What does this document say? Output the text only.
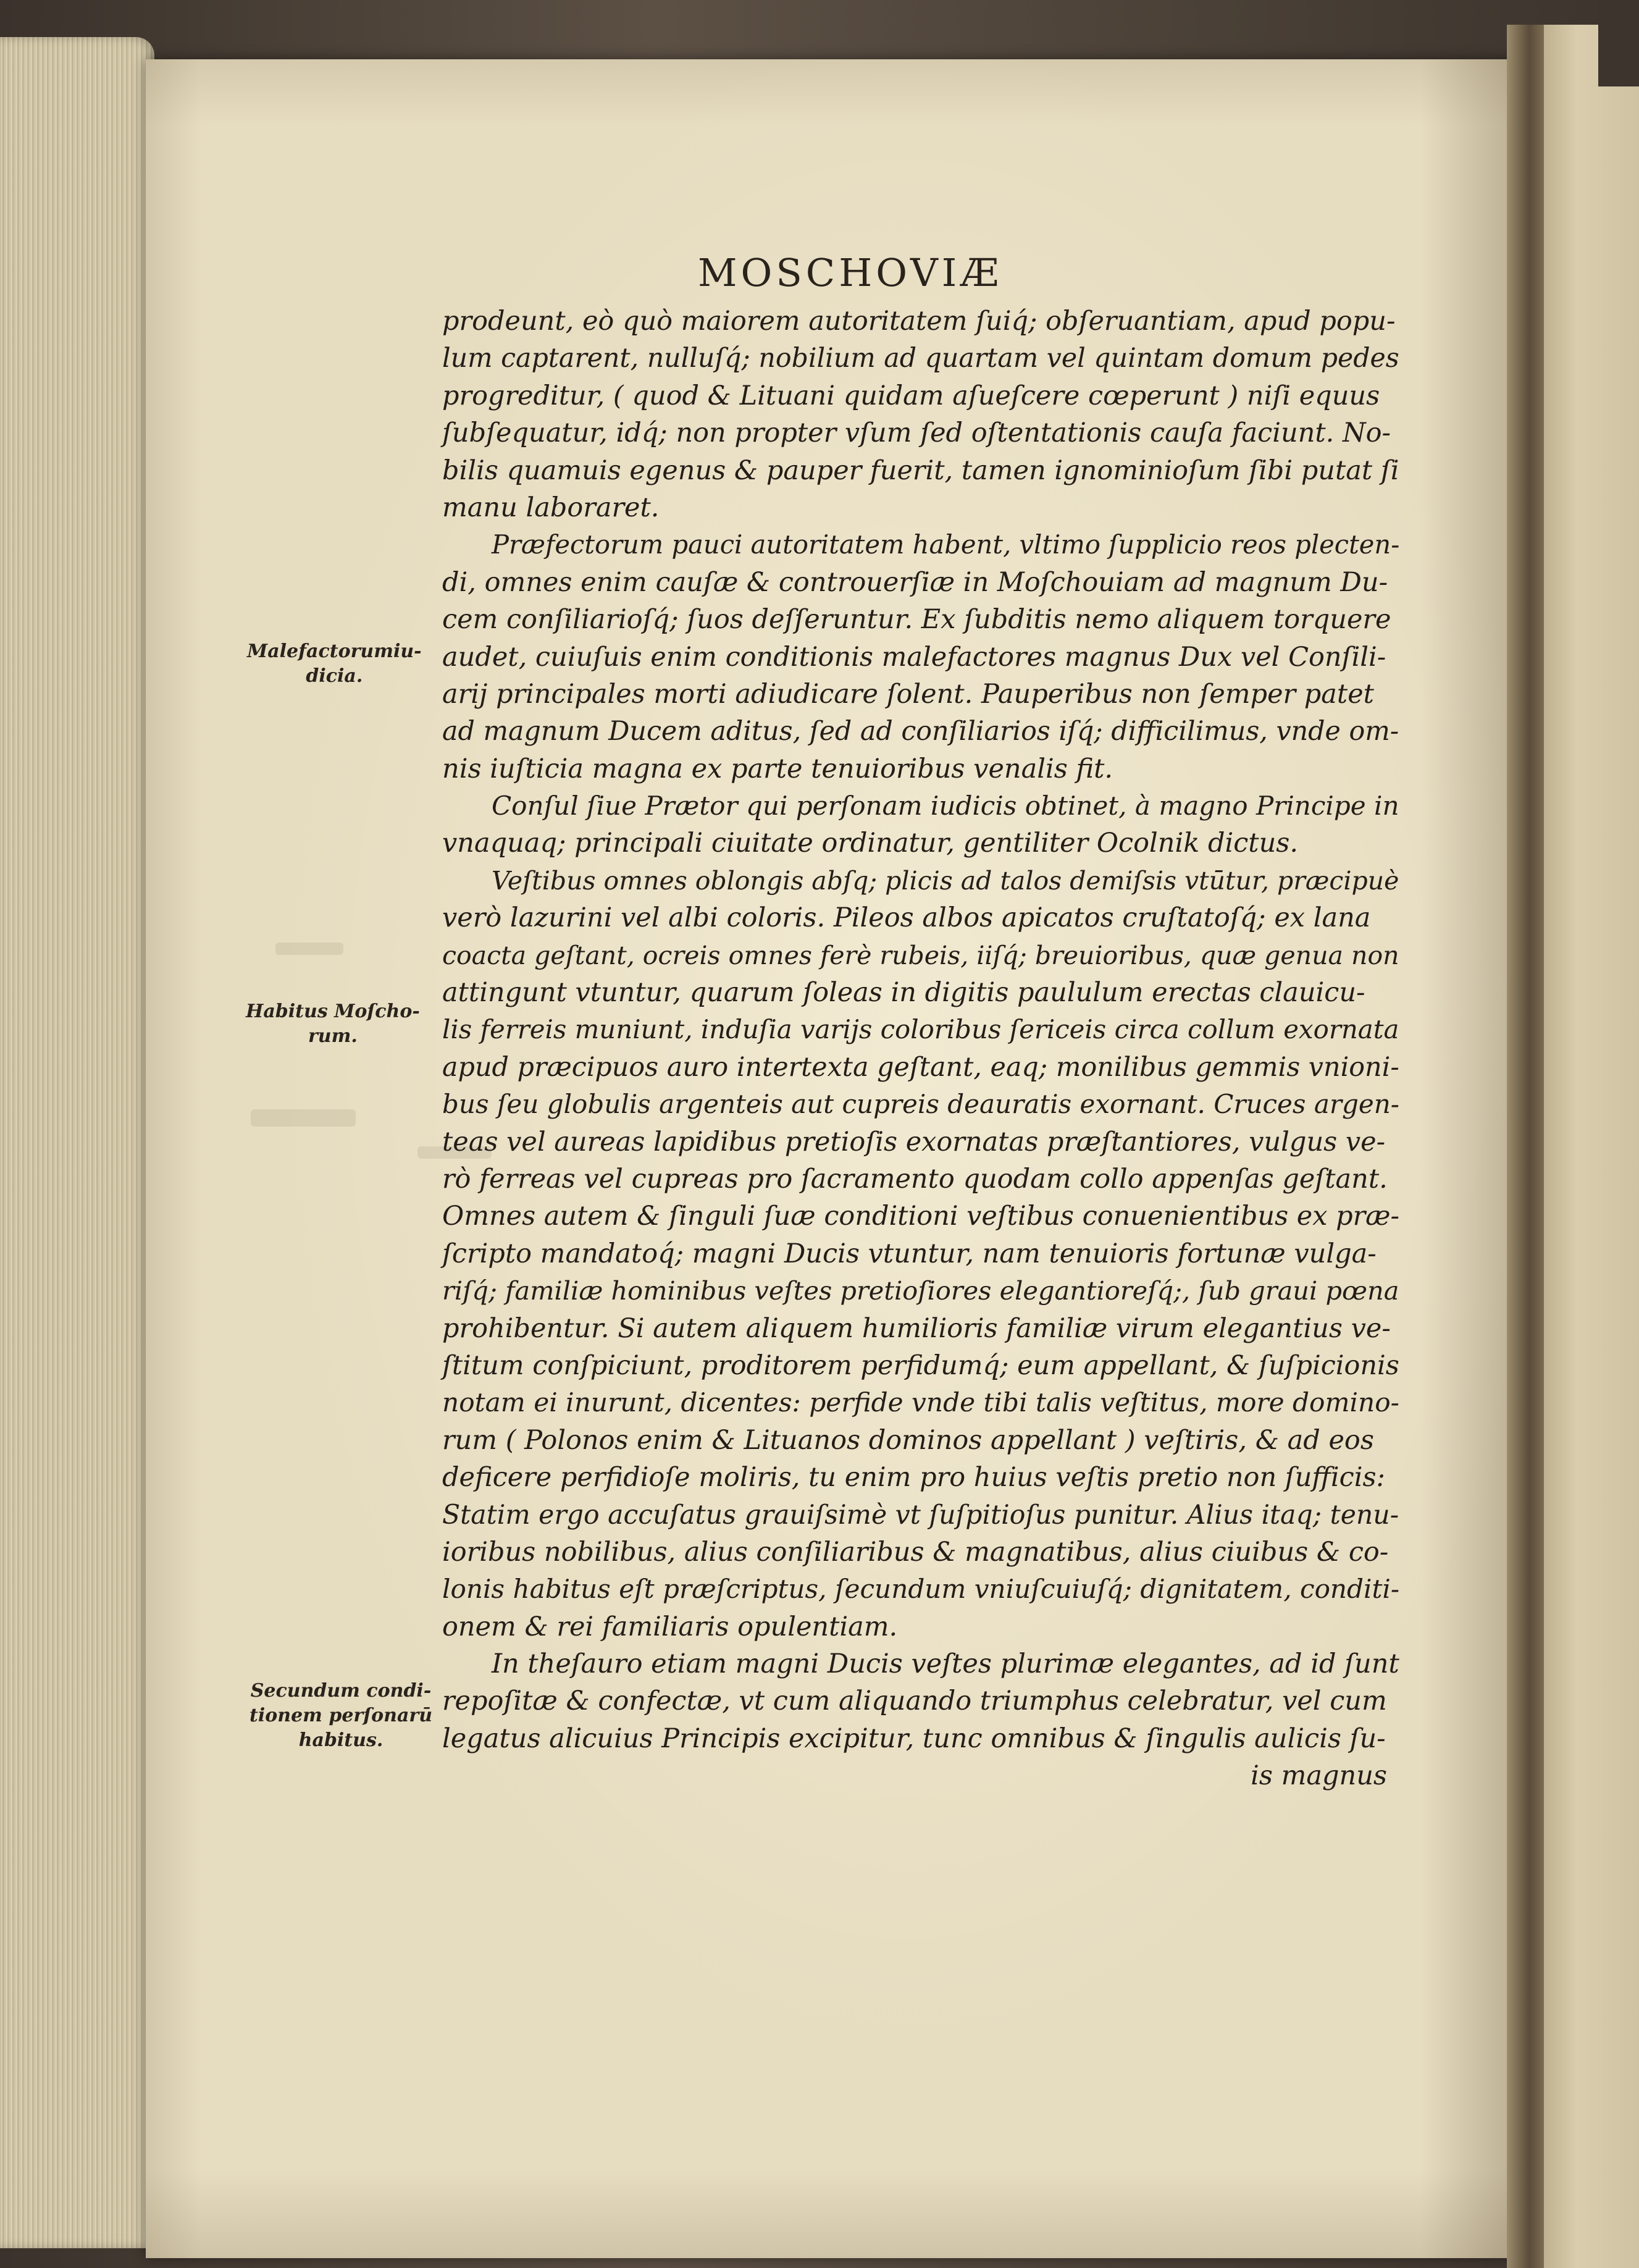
MOSCHOVIÆ
prodeunt, eò quò maiorem autoritatem ſuiq́; obſeruantiam, apud popu-
lum captarent, nulluſq́; nobilium ad quartam vel quintam domum pedes
progreditur, ( quod & Lituani quidam aſueſcere cœperunt ) niſi equus
ſubſequatur, idq́; non propter vſum ſed oſtentationis cauſa faciunt. No-
bilis quamuis egenus & pauper fuerit, tamen ignominioſum ſibi putat ſi
manu laboraret.
Præfectorum pauci autoritatem habent, vltimo ſupplicio reos plecten-
di, omnes enim cauſæ & controuerſiæ in Moſchouiam ad magnum Du-
cem conſiliarioſq́; ſuos deſſeruntur. Ex ſubditis nemo aliquem torquere
audet, cuiuſuis enim conditionis malefactores magnus Dux vel Conſili-
arij principales morti adiudicare ſolent. Pauperibus non ſemper patet
ad magnum Ducem aditus, ſed ad conſiliarios iſq́; difficilimus, vnde om-
nis iuſticia magna ex parte tenuioribus venalis fit.
Conſul ſiue Prætor qui perſonam iudicis obtinet, à magno Principe in
vnaquaq; principali ciuitate ordinatur, gentiliter Ocolnik dictus.
Veſtibus omnes oblongis abſq; plicis ad talos demiſsis vtūtur, præcipuè
verò lazurini vel albi coloris. Pileos albos apicatos cruſtatoſq́; ex lana
coacta geſtant, ocreis omnes ferè rubeis, iiſq́; breuioribus, quæ genua non
attingunt vtuntur, quarum ſoleas in digitis paululum erectas clauicu-
lis ferreis muniunt, induſia varijs coloribus ſericeis circa collum exornata
apud præcipuos auro intertexta geſtant, eaq; monilibus gemmis vnioni-
bus ſeu globulis argenteis aut cupreis deauratis exornant. Cruces argen-
teas vel aureas lapidibus pretioſis exornatas præſtantiores, vulgus ve-
rò ferreas vel cupreas pro ſacramento quodam collo appenſas geſtant.
Omnes autem & ſinguli ſuæ conditioni veſtibus conuenientibus ex præ-
ſcripto mandatoq́; magni Ducis vtuntur, nam tenuioris fortunæ vulga-
riſq́; familiæ hominibus veſtes pretioſiores elegantioreſq́;, ſub graui pœna
prohibentur. Si autem aliquem humilioris familiæ virum elegantius ve-
ſtitum conſpiciunt, proditorem perfidumq́; eum appellant, & ſuſpicionis
notam ei inurunt, dicentes: perfide vnde tibi talis veſtitus, more domino-
rum ( Polonos enim & Lituanos dominos appellant ) veſtiris, & ad eos
deficere perfidioſe moliris, tu enim pro huius veſtis pretio non ſufficis:
Statim ergo accuſatus grauiſsimè vt ſuſpitioſus punitur. Alius itaq; tenu-
ioribus nobilibus, alius conſiliaribus & magnatibus, alius ciuibus & co-
lonis habitus eſt præſcriptus, ſecundum vniuſcuiuſq́; dignitatem, conditi-
onem & rei familiaris opulentiam.
In theſauro etiam magni Ducis veſtes plurimæ elegantes, ad id ſunt
repoſitæ & confectæ, vt cum aliquando triumphus celebratur, vel cum
legatus alicuius Principis excipitur, tunc omnibus & ſingulis aulicis ſu-
is magnus
Malefactorumiu-
dicia.
Habitus Moſcho-
rum.
Secundum condi-
tionem perſonarū
habitus.
